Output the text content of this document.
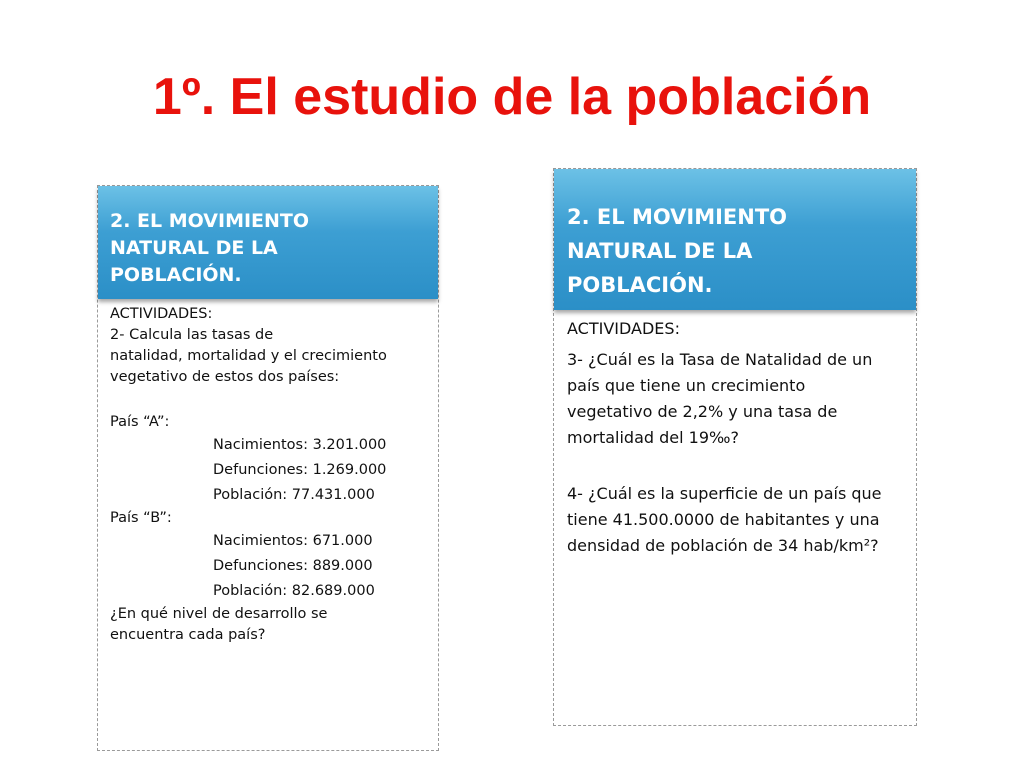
1º. El estudio de la población

2. EL MOVIMIENTO
NATURAL DE LA
POBLACIÓN.

ACTIVIDADES:

2- Calcula las tasas de
natalidad, mortalidad y el crecimiento
vegetativo de estos dos países:

País “A”:

Nacimientos: 3.201.000

Defunciones: 1.269.000

Población: 77.431.000

País “B”:

Nacimientos: 671.000

Defunciones: 889.000

Población: 82.689.000

¿En qué nivel de desarrollo se
encuentra cada país?

2. EL MOVIMIENTO
NATURAL DE LA
POBLACIÓN.

ACTIVIDADES:

3- ¿Cuál es la Tasa de Natalidad de un
país que tiene un crecimiento
vegetativo de 2,2% y una tasa de
mortalidad del 19‰?

4- ¿Cuál es la superficie de un país que
tiene 41.500.0000 de habitantes y una
densidad de población de 34 hab/km²?
